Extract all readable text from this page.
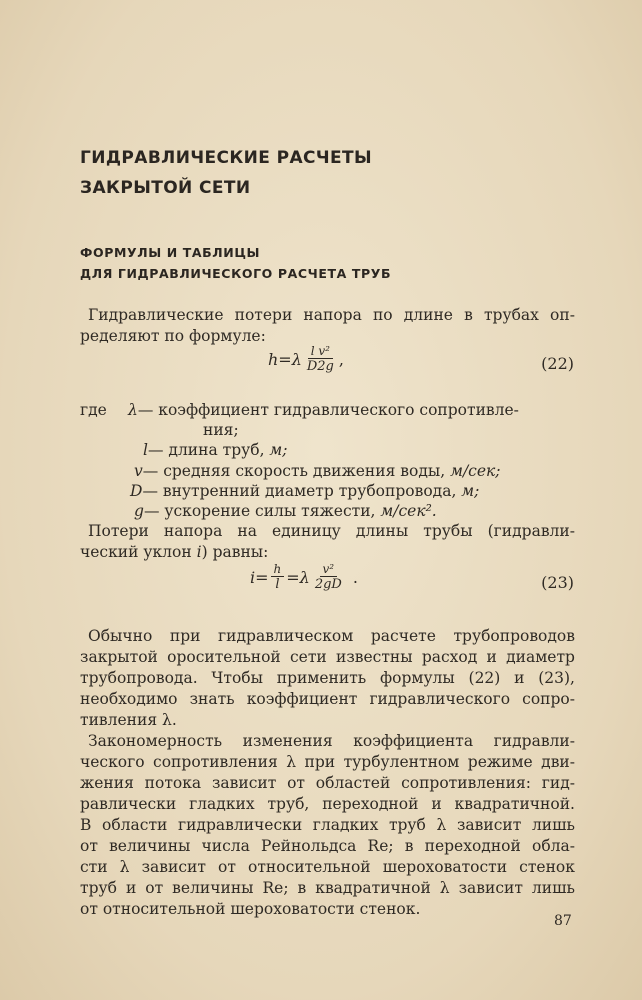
ГИДРАВЛИЧЕСКИЕ РАСЧЕТЫ
ЗАКРЫТОЙ СЕТИ
ФОРМУЛЫ И ТАБЛИЦЫ
ДЛЯ ГИДРАВЛИЧЕСКОГО РАСЧЕТА ТРУБ
Гидравлические потери напора по длине в трубах оп-
ределяют по формуле:
$h=\lambda \frac{\text{l v²}}{D2g}$ ,	(22)
где λ— коэффициент гидравлического сопротивле-
ния;
l— длина труб, м;
v— средняя скорость движения воды, м/сек;
D— внутренний диаметр трубопровода, м;
g— ускорение силы тяжести, м/сек².
Потери напора на единицу длины трубы (гидравли-
ческий уклон i ) равны:
$i= \frac{h}{l} =\lambda \frac{\text{v²}}{2gD}$ .	(23)
Обычно при гидравлическом расчете трубопроводов
закрытой оросительной сети известны расход и диаметр
трубопровода. Чтобы применить формулы (22) и (23),
необходимо знать коэффициент гидравлического сопро-
тивления λ.
Закономерность изменения коэффициента гидравли-
ческого сопротивления λ при турбулентном режиме дви-
жения потока зависит от областей сопротивления: гид-
равлически гладких труб, переходной и квадратичной.
В области гидравлически гладких труб λ зависит лишь
от величины числа Рейнольдса Re; в переходной обла-
сти λ зависит от относительной шероховатости стенок
труб и от величины Re; в квадратичной λ зависит лишь
от относительной шероховатости стенок.
87
